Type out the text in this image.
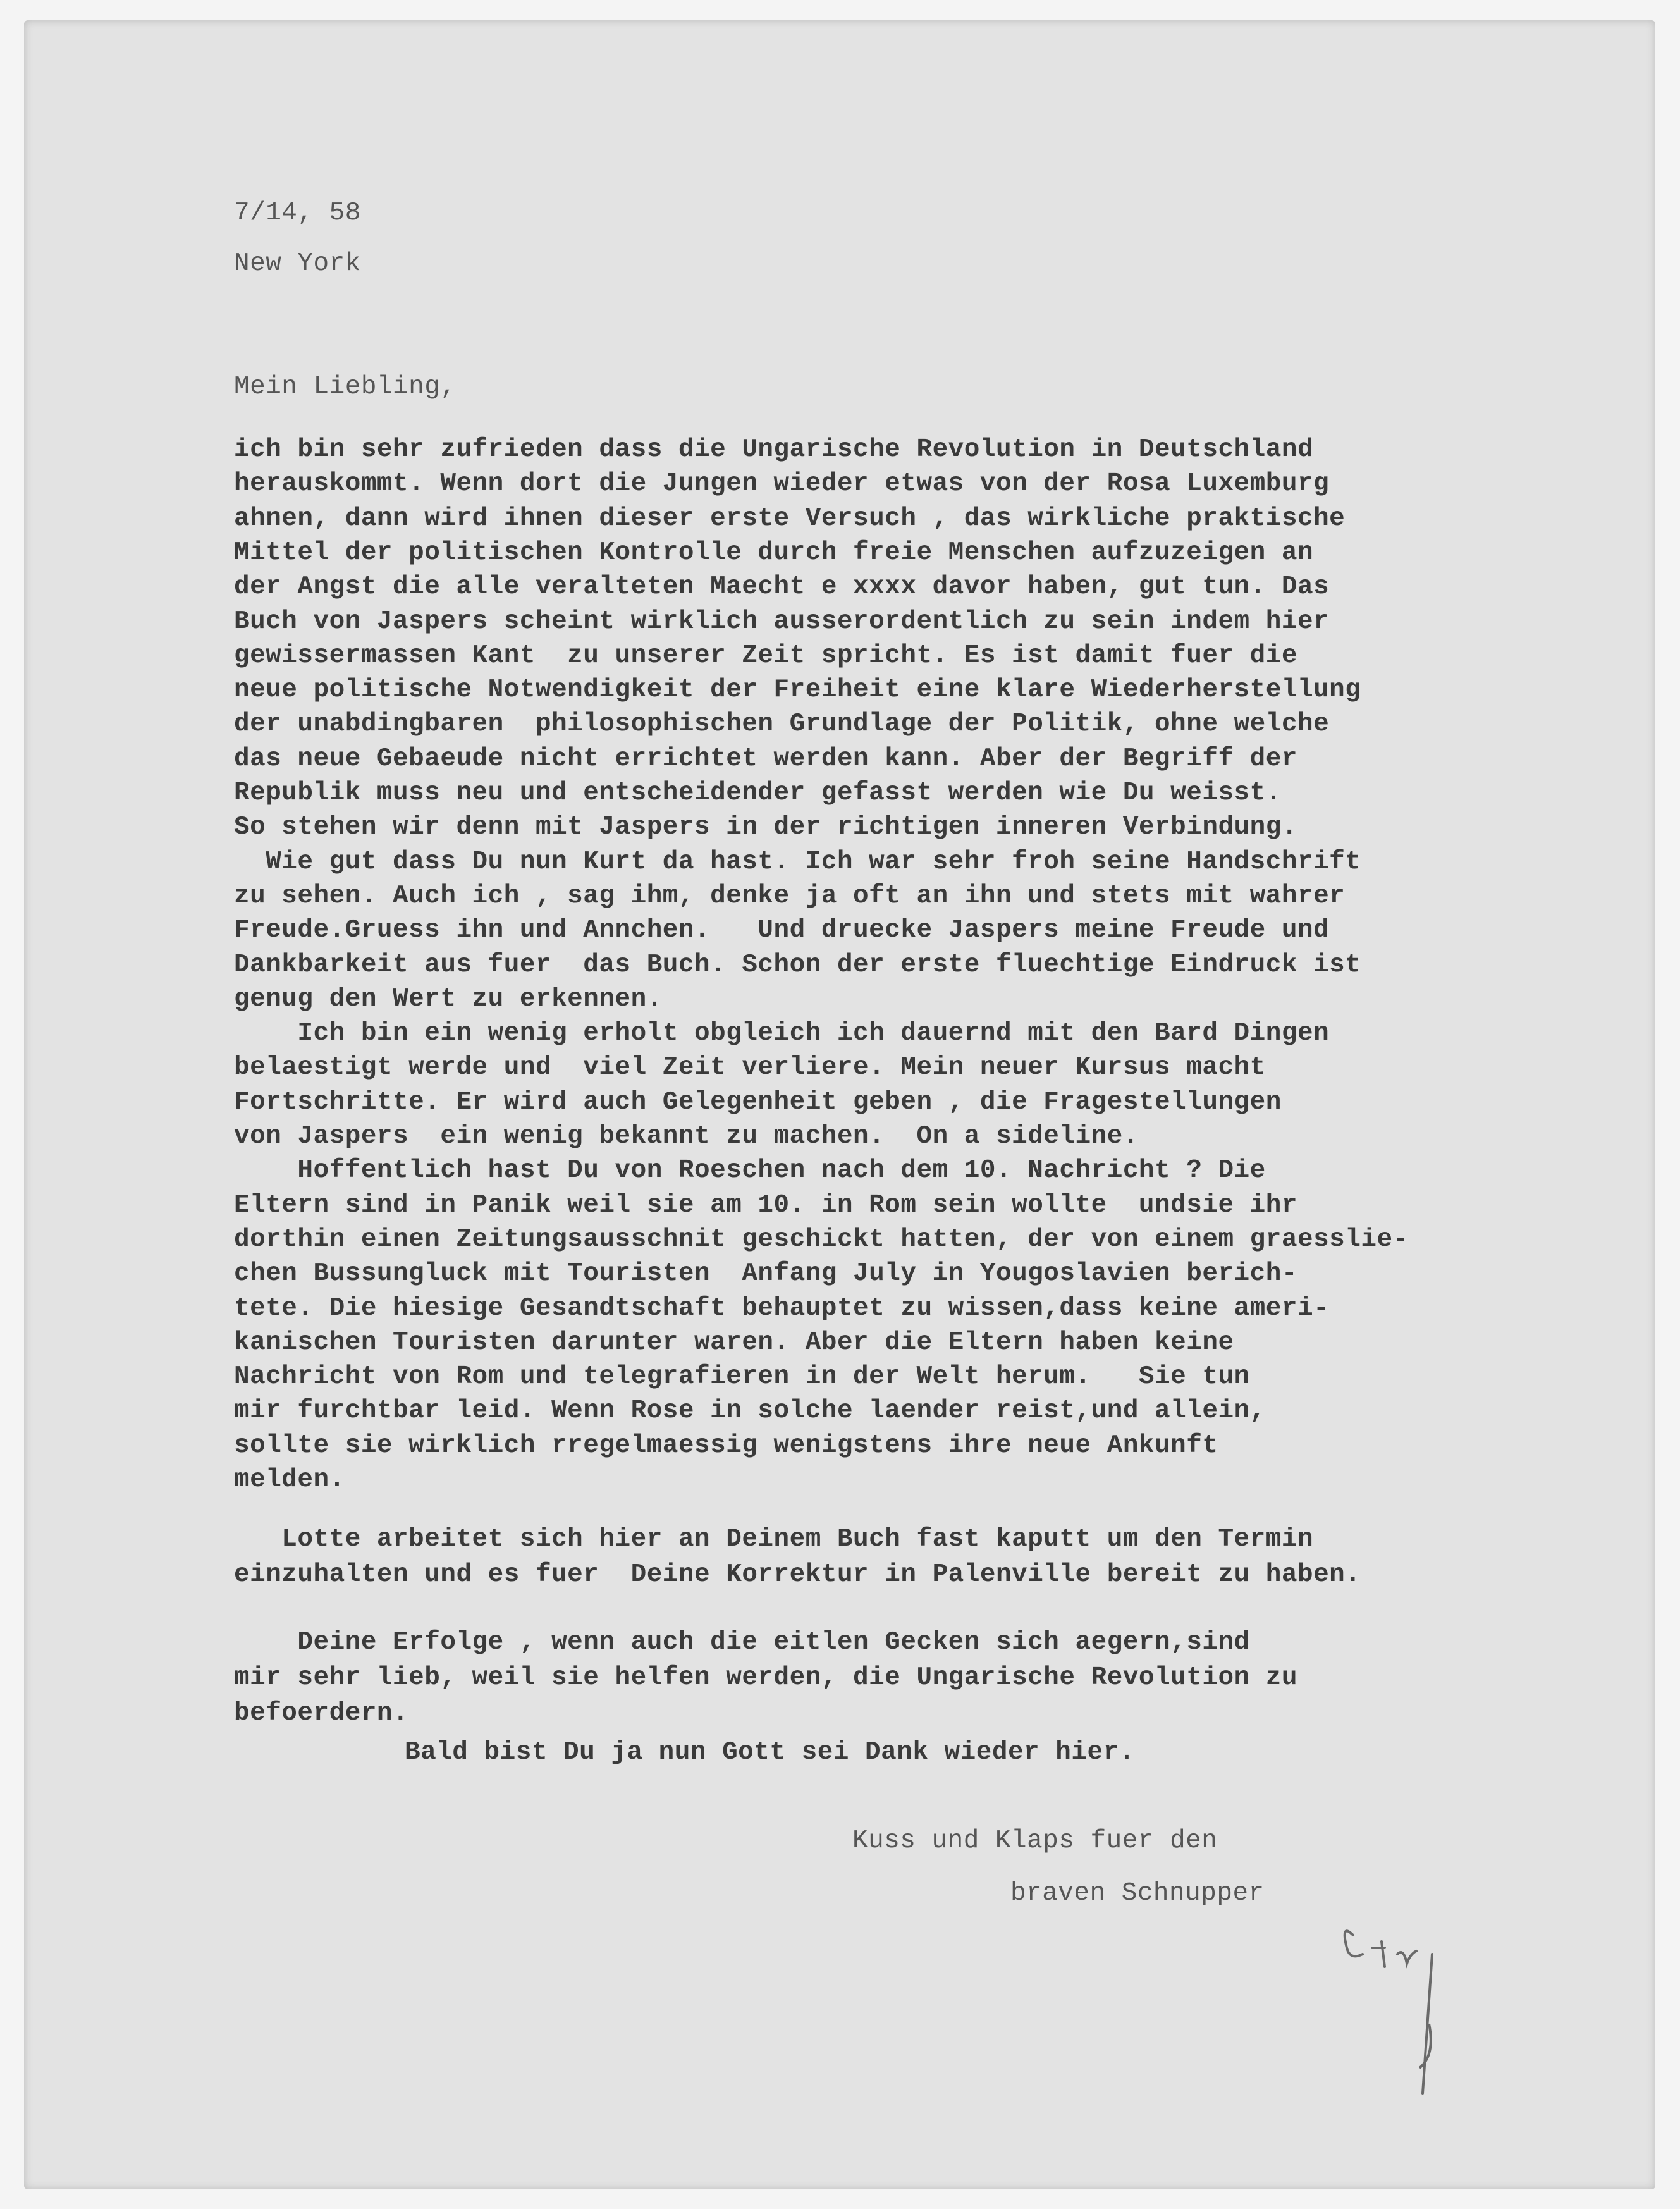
7/14, 58
New York
Mein Liebling,
ich bin sehr zufrieden dass die Ungarische Revolution in Deutschland
herauskommt. Wenn dort die Jungen wieder etwas von der Rosa Luxemburg
ahnen, dann wird ihnen dieser erste Versuch , das wirkliche praktische
Mittel der politischen Kontrolle durch freie Menschen aufzuzeigen an
der Angst die alle veralteten Maecht e xxxx davor haben, gut tun. Das
Buch von Jaspers scheint wirklich ausserordentlich zu sein indem hier
gewissermassen Kant  zu unserer Zeit spricht. Es ist damit fuer die
neue politische Notwendigkeit der Freiheit eine klare Wiederherstellung
der unabdingbaren  philosophischen Grundlage der Politik, ohne welche
das neue Gebaeude nicht errichtet werden kann. Aber der Begriff der
Republik muss neu und entscheidender gefasst werden wie Du weisst.
So stehen wir denn mit Jaspers in der richtigen inneren Verbindung.
Wie gut dass Du nun Kurt da hast. Ich war sehr froh seine Handschrift
zu sehen. Auch ich , sag ihm, denke ja oft an ihn und stets mit wahrer
Freude.Gruess ihn und Annchen.   Und druecke Jaspers meine Freude und
Dankbarkeit aus fuer  das Buch. Schon der erste fluechtige Eindruck ist
genug den Wert zu erkennen.
Ich bin ein wenig erholt obgleich ich dauernd mit den Bard Dingen
belaestigt werde und  viel Zeit verliere. Mein neuer Kursus macht
Fortschritte. Er wird auch Gelegenheit geben , die Fragestellungen
von Jaspers  ein wenig bekannt zu machen.  On a sideline.
Hoffentlich hast Du von Roeschen nach dem 10. Nachricht ? Die
Eltern sind in Panik weil sie am 10. in Rom sein wollte  undsie ihr
dorthin einen Zeitungsausschnit geschickt hatten, der von einem graesslie-
chen Bussungluck mit Touristen  Anfang July in Yougoslavien berich-
tete. Die hiesige Gesandtschaft behauptet zu wissen,dass keine ameri-
kanischen Touristen darunter waren. Aber die Eltern haben keine
Nachricht von Rom und telegrafieren in der Welt herum.   Sie tun
mir furchtbar leid. Wenn Rose in solche laender reist,und allein,
sollte sie wirklich rregelmaessig wenigstens ihre neue Ankunft
melden.
Lotte arbeitet sich hier an Deinem Buch fast kaputt um den Termin
einzuhalten und es fuer  Deine Korrektur in Palenville bereit zu haben.
Deine Erfolge , wenn auch die eitlen Gecken sich aegern,sind
mir sehr lieb, weil sie helfen werden, die Ungarische Revolution zu
befoerdern.
Bald bist Du ja nun Gott sei Dank wieder hier.
Kuss und Klaps fuer den
braven Schnupper
